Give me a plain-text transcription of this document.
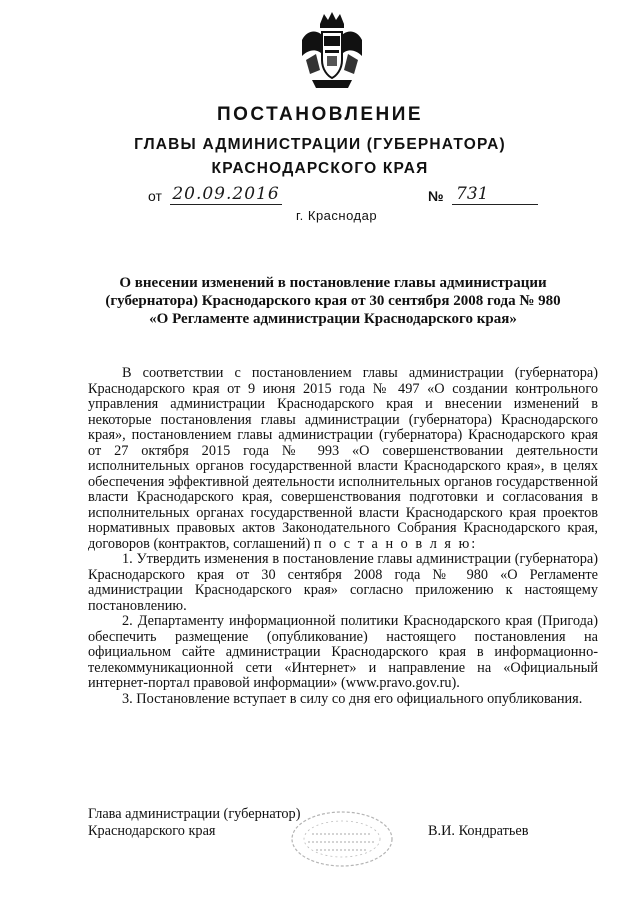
ПОСТАНОВЛЕНИЕ
ГЛАВЫ АДМИНИСТРАЦИИ (ГУБЕРНАТОРА)
КРАСНОДАРСКОГО КРАЯ
от 20.09.2016	№ 731
г. Краснодар
О внесении изменений в постановление главы администрации
(губернатора) Краснодарского края от 30 сентября 2008 года № 980
«О Регламенте администрации Краснодарского края»

В соответствии с постановлением главы администрации (губернатора) Краснодарского края от 9 июня 2015 года № 497 «О создании контрольного управления администрации Краснодарского края и внесении изменений в некоторые постановления главы администрации (губернатора) Краснодарского края», постановлением главы администрации (губернатора) Краснодарского края от 27 октября 2015 года № 993 «О совершенствовании деятельности исполнительных органов государственной власти Краснодарского края», в целях обеспечения эффективной деятельности исполнительных органов государственной власти Краснодарского края, совершенствования подготовки и согласования в исполнительных органах государственной власти Краснодарского края проектов нормативных правовых актов Законодательного Собрания Краснодарского края, договоров (контрактов, соглашений) п о с т а н о в л я ю:

1. Утвердить изменения в постановление главы администрации (губернатора) Краснодарского края от 30 сентября 2008 года № 980 «О Регламенте администрации Краснодарского края» согласно приложению к настоящему постановлению.

2. Департаменту информационной политики Краснодарского края (Пригода) обеспечить размещение (опубликование) настоящего постановления на официальном сайте администрации Краснодарского края в информационно-телекоммуникационной сети «Интернет» и направление на «Официальный интернет-портал правовой информации» (www.pravo.gov.ru).

3. Постановление вступает в силу со дня его официального опубликования.

Глава администрации (губернатор)
Краснодарского края	В.И. Кондратьев
